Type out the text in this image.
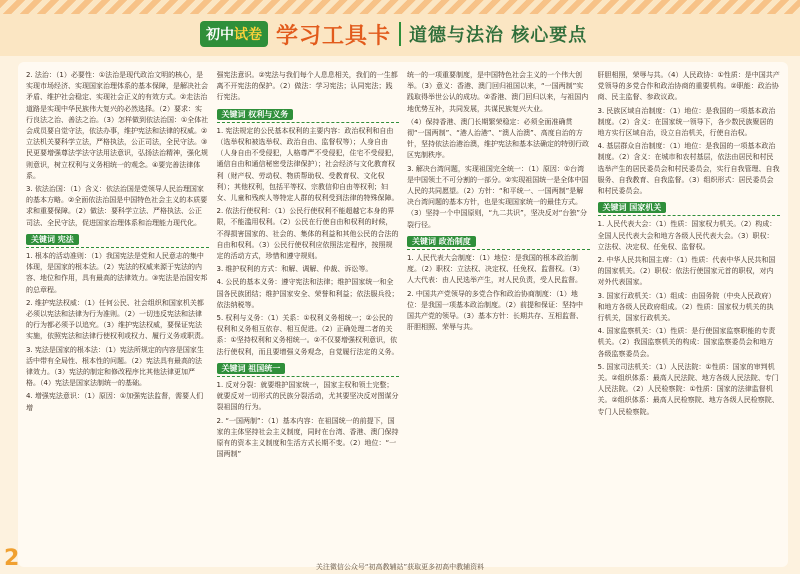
初中试卷 学习工具卡 道德与法治 核心要点

2. 法治：（1）必要性：①法治是现代政治文明的核心，是实现市场经济、实现国家治理体系的基本保障，是解决社会矛盾、维护社会稳定、实现社会正义的有效方式。②走法治道路是实现中华民族伟大复兴的必然选择。（2）要求：实行良法之治、善法之治。（3）怎样做到依法治国：①全体社会成员要自觉守法，依法办事，维护宪法和法律的权威。②立法机关要科学立法，严格执法，公正司法，全民守法。③民更要增强尊法学法守法用法意识，弘扬法治精神，强化规则意识，树立权利与义务相统一的观念。④要完善法律体系。

3. 依法治国：（1）含义：依法治国是党领导人民治理国家的基本方略。②全面依法治国是中国特色社会主义的本质要求和重要保障。（2）做法：要科学立法、严格执法、公正司法、全民守法，促进国家治理体系和治理能力现代化。

关键词 宪法

1. 根本的活动准则：（1）我国宪法是党和人民意志的集中体现，是国家的根本法。（2）宪法的权威来源于宪法的内容、地位和作用，具有最高的法律效力。③宪法是治国安邦的总章程。

2. 维护宪法权威：（1）任何公民、社会组织和国家机关都必须以宪法和法律为行为准则。（2）一切违反宪法和法律的行为都必须予以追究。（3）维护宪法权威，要保证宪法实施，依照宪法和法律行使权利或权力、履行义务或职责。

3. 宪法是国家的根本法：（1）宪法所规定的内容是国家生活中带有全局性、根本性的问题。（2）宪法具有最高的法律效力。（3）宪法的制定和修改程序比其他法律更加严格。（4）宪法是国家法制统一的基础。

4. 增强宪法意识：（1）原因：①加强宪法监督，需要人们增

强宪法意识。②宪法与我们每个人息息相关，我们的一生都离不开宪法的保护。（2）做法：学习宪法；认同宪法；践行宪法。

关键词 权利与义务

1. 宪法规定的公民基本权利的主要内容：政治权利和自由（选举权和被选举权、政治自由、监督权等）；人身自由（人身自由不受侵犯，人格尊严不受侵犯，住宅不受侵犯，通信自由和通信秘密受法律保护）；社会经济与文化教育权利（财产权、劳动权、物质帮助权、受教育权、文化权利）；其他权利，包括平等权、宗教信仰自由等权利；妇女、儿童和残疾人等特定人群的权利受到法律的特殊保障。

2. 依法行使权利：（1）公民行使权利不能超越它本身的界限，不能滥用权利。（2）公民在行使自由和权利的时候，不得损害国家的、社会的、集体的利益和其他公民的合法的自由和权利。（3）公民行使权利应依照法定程序，按照规定的活动方式，珍惜和遵守规则。

3. 维护权利的方式：和解、调解、仲裁、诉讼等。

4. 公民的基本义务：遵守宪法和法律；维护国家统一和全国各民族团结；维护国家安全、荣誉和利益；依法服兵役；依法纳税等。

5. 权利与义务：（1）关系：①权利义务相统一；②公民的权利和义务相互依存、相互促进。（2）正确处理二者的关系：①坚持权利和义务相统一。②不仅要增强权利意识，依法行使权利，而且要增强义务观念，自觉履行法定的义务。

关键词 祖国统一

1. 反对分裂：就要维护国家统一，国家主权和领土完整；就要反对一切形式的民族分裂活动，尤其要坚决反对图谋分裂祖国的行为。

2. “一国两制”：（1）基本内容：在祖国统一的前提下，国家的主体坚持社会主义制度，同时在台湾、香港、澳门保持原有的资本主义制度和生活方式长期不变。（2）地位：“一国两制”

统一的一项重要制度，是中国特色社会主义的一个伟大创举。（3）意义：香港、澳门回归祖国以来，“一国两制”实践取得举世公认的成功。②香港、澳门回归以来，与祖国内地优势互补，共同发展，共谋民族复兴大业。

（4）保持香港、澳门长期繁荣稳定：必须全面准确贯彻“一国两制”、“港人治港”、“澳人治澳”、高度自治的方针，坚持依法治港治澳，维护宪法和基本法确定的特别行政区宪制秩序。

3. 解决台湾问题，实现祖国完全统一：（1）原因：①台湾是中国领土不可分割的一部分。②实现祖国统一是全体中国人民的共同愿望。（2）方针：“和平统一、一国两制”是解决台湾问题的基本方针，也是实现国家统一的最佳方式。（3）坚持一个中国原则，“九二共识”，坚决反对“台独”分裂行径。

关键词 政治制度

1. 人民代表大会制度：（1）地位：是我国的根本政治制度。（2）职权：立法权、决定权、任免权、监督权。（3）人大代表：由人民选举产生，对人民负责，受人民监督。

2. 中国共产党领导的多党合作和政治协商制度：（1）地位：是我国一项基本政治制度。（2）前提和保证：坚持中国共产党的领导。（3）基本方针：长期共存、互相监督、肝胆相照、荣辱与共。

肝胆相照，荣辱与共。（4）人民政协：①性质：是中国共产党领导的多党合作和政治协商的重要机构。②职能：政治协商、民主监督、参政议政。

3. 民族区域自治制度：（1）地位：是我国的一项基本政治制度。（2）含义：在国家统一领导下，各少数民族聚居的地方实行区域自治，设立自治机关，行使自治权。

4. 基层群众自治制度：（1）地位：是我国的一项基本政治制度。（2）含义：在城市和农村基层，依法由居民和村民选举产生的居民委员会和村民委员会，实行自我管理、自我服务、自我教育、自我监督。（3）组织形式：居民委员会和村民委员会。

关键词 国家机关

1. 人民代表大会：（1）性质：国家权力机关。（2）构成：全国人民代表大会和地方各级人民代表大会。（3）职权：立法权、决定权、任免权、监督权。

2. 中华人民共和国主席：（1）性质：代表中华人民共和国的国家机关。（2）职权：依法行使国家元首的职权，对内对外代表国家。

3. 国家行政机关：（1）组成：由国务院（中央人民政府）和地方各级人民政府组成。（2）性质：国家权力机关的执行机关，国家行政机关。

4. 国家监察机关：（1）性质：是行使国家监察职能的专责机关。（2）我国监察机关的构成：国家监察委员会和地方各级监察委员会。

5. 国家司法机关：（1）人民法院：①性质：国家的审判机关。②组织体系：最高人民法院、地方各级人民法院、专门人民法院。（2）人民检察院：①性质：国家的法律监督机关。②组织体系：最高人民检察院、地方各级人民检察院、专门人民检察院。

2	关注微信公众号“初高教辅站”获取更多初高中教辅资料
